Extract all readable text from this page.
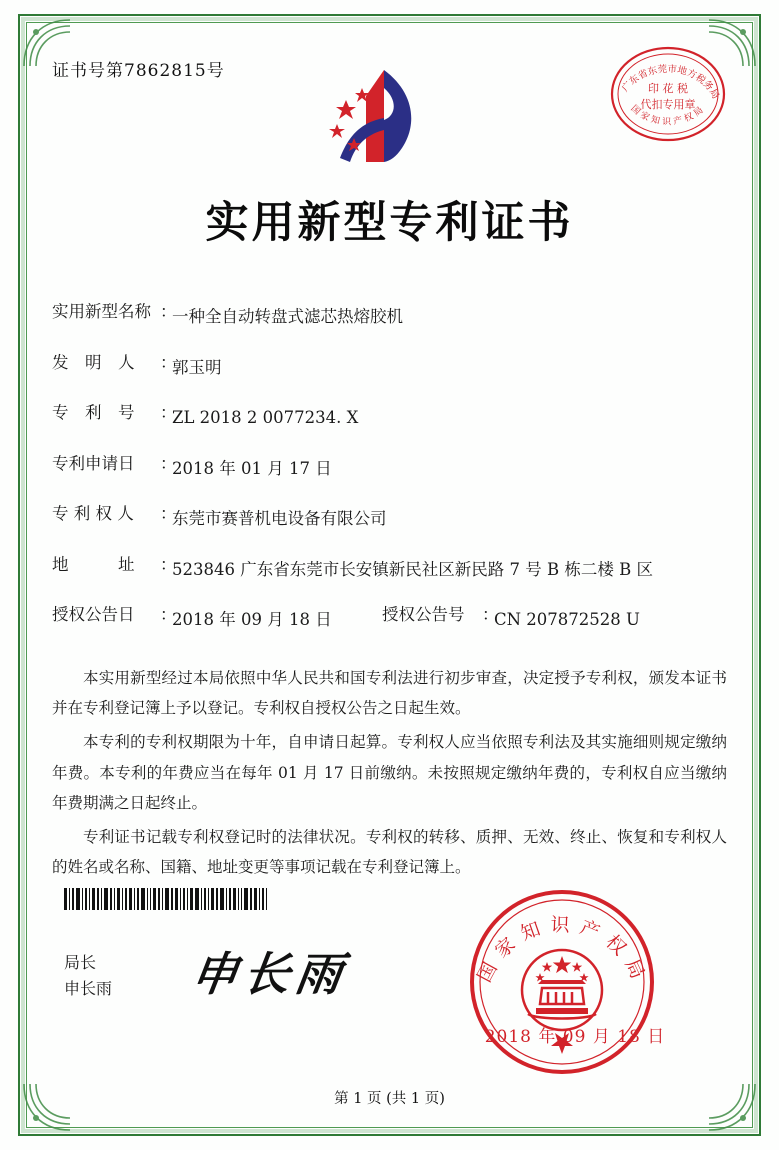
广东省东莞市地方税务局
印 花 税
代扣专用章
国 家 知 识 产 权 局
证书号第7862815号
实用新型专利证书
实用新型名称 ：
一种全自动转盘式滤芯热熔胶机
发　明　人	：
郭玉明
专　利　号	：
ZL 2018 2 0077234. X
专利申请日	：
2018 年 01 月 17 日
专 利 权 人	：
东莞市赛普机电设备有限公司
地　　　址	：
523846 广东省东莞市长安镇新民社区新民路 7 号 B 栋二楼 B 区
授权公告日	：
2018 年 09 月 18 日	授权公告号	：
CN 207872528 U

本实用新型经过本局依照中华人民共和国专利法进行初步审查，决定授予专利权，颁发本证书并在专利登记簿上予以登记。专利权自授权公告之日起生效。

本专利的专利权期限为十年，自申请日起算。专利权人应当依照专利法及其实施细则规定缴纳年费。本专利的年费应当在每年 01 月 17 日前缴纳。未按照规定缴纳年费的，专利权自应当缴纳年费期满之日起终止。

专利证书记载专利权登记时的法律状况。专利权的转移、质押、无效、终止、恢复和专利权人的姓名或名称、国籍、地址变更等事项记载在专利登记簿上。

局长
申长雨	申长雨	国家知识产权局
2018 年 09 月 18 日
第 1 页 (共 1 页)
